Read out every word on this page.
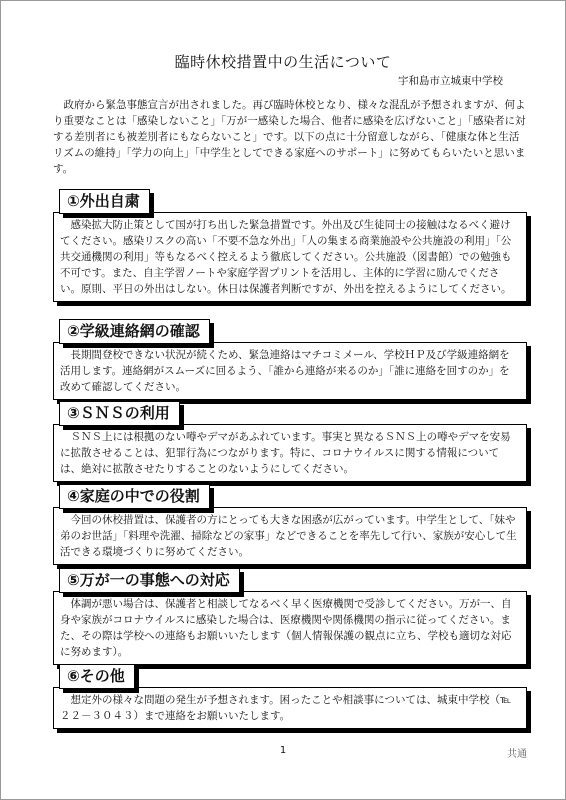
臨時休校措置中の生活について
宇和島市立城東中学校

政府から緊急事態宣言が出されました。再び臨時休校となり、様々な混乱が予想されますが、何より重要なことは「感染しないこと」「万が一感染した場合、他者に感染を広げないこと」「感染者に対する差別者にも被差別者にもならないこと」です。以下の点に十分留意しながら、「健康な体と生活リズムの維持」「学力の向上」「中学生としてできる家庭へのサポート」に努めてもらいたいと思います。

①外出自粛
感染拡大防止策として国が打ち出した緊急措置です。外出及び生徒同士の接触はなるべく避けてください。感染リスクの高い「不要不急な外出」「人の集まる商業施設や公共施設の利用」「公共交通機関の利用」等もなるべく控えるよう徹底してください。公共施設（図書館）での勉強も不可です。また、自主学習ノートや家庭学習プリントを活用し、主体的に学習に励んでください。原則、平日の外出はしない。休日は保護者判断ですが、外出を控えるようにしてください。
②学級連絡網の確認
長期間登校できない状況が続くため、緊急連絡はマチコミメール、学校ＨＰ及び学級連絡網を活用します。連絡網がスムーズに回るよう、「誰から連絡が来るのか」「誰に連絡を回すのか」を改めて確認してください。
③ＳＮＳの利用
ＳＮＳ上には根拠のない噂やデマがあふれています。事実と異なるＳＮＳ上の噂やデマを安易に拡散させることは、犯罪行為につながります。特に、コロナウイルスに関する情報については、絶対に拡散させたりすることのないようにしてください。
④家庭の中での役割
今回の休校措置は、保護者の方にとっても大きな困惑が広がっています。中学生として、「妹や弟のお世話」「料理や洗濯、掃除などの家事」などできることを率先して行い、家族が安心して生活できる環境づくりに努めてください。
⑤万が一の事態への対応
体調が悪い場合は、保護者と相談してなるべく早く医療機関で受診してください。万が一、自身や家族がコロナウイルスに感染した場合は、医療機関や関係機関の指示に従ってください。また、その際は学校への連絡もお願いいたします（個人情報保護の観点に立ち、学校も適切な対応に努めます）。
⑥その他
想定外の様々な問題の発生が予想されます。困ったことや相談事については、城東中学校（℡２２－３０４３）まで連絡をお願いいたします。
1	共通
